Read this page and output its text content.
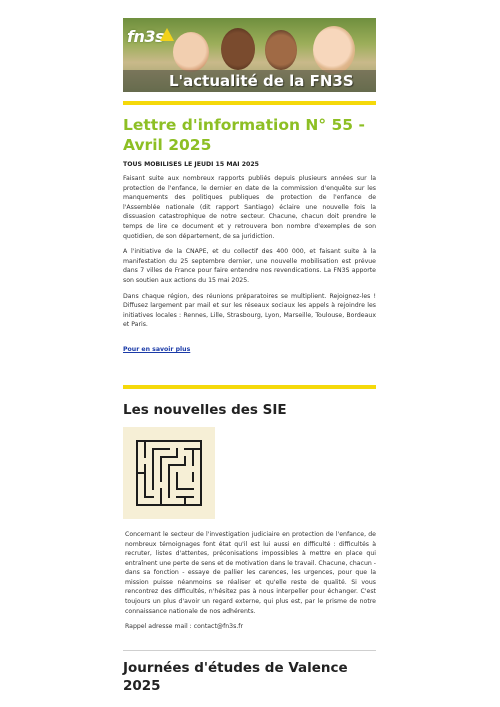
fn3s
L'actualité de la FN3S
Lettre d'information N° 55 - Avril 2025

TOUS MOBILISES LE JEUDI 15 MAI 2025

Faisant suite aux nombreux rapports publiés depuis plusieurs années sur la protection de l'enfance, le dernier en date de la commission d'enquête sur les manquements des politiques publiques de protection de l'enfance de l'Assemblée nationale (dit rapport Santiago) éclaire une nouvelle fois la dissuasion catastrophique de notre secteur. Chacune, chacun doit prendre le temps de lire ce document et y retrouvera bon nombre d'exemples de son quotidien, de son département, de sa juridiction.

A l'initiative de la CNAPE, et du collectif des 400 000, et faisant suite à la manifestation du 25 septembre dernier, une nouvelle mobilisation est prévue dans 7 villes de France pour faire entendre nos revendications. La FN3S apporte son soutien aux actions du 15 mai 2025.

Dans chaque région, des réunions préparatoires se multiplient. Rejoignez-les ! Diffusez largement par mail et sur les réseaux sociaux les appels à rejoindre les initiatives locales : Rennes, Lille, Strasbourg, Lyon, Marseille, Toulouse, Bordeaux et Paris.

Pour en savoir plus
Les nouvelles des SIE

Concernant le secteur de l'investigation judiciaire en protection de l'enfance, de nombreux témoignages font état qu'il est lui aussi en difficulté : difficultés à recruter, listes d'attentes, préconisations impossibles à mettre en place qui entraînent une perte de sens et de motivation dans le travail. Chacune, chacun - dans sa fonction - essaye de pallier les carences, les urgences, pour que la mission puisse néanmoins se réaliser et qu'elle reste de qualité. Si vous rencontrez des difficultés, n'hésitez pas à nous interpeller pour échanger. C'est toujours un plus d'avoir un regard externe, qui plus est, par le prisme de notre connaissance nationale de nos adhérents.

Rappel adresse mail : contact@fn3s.fr

Journées d'études de Valence 2025
